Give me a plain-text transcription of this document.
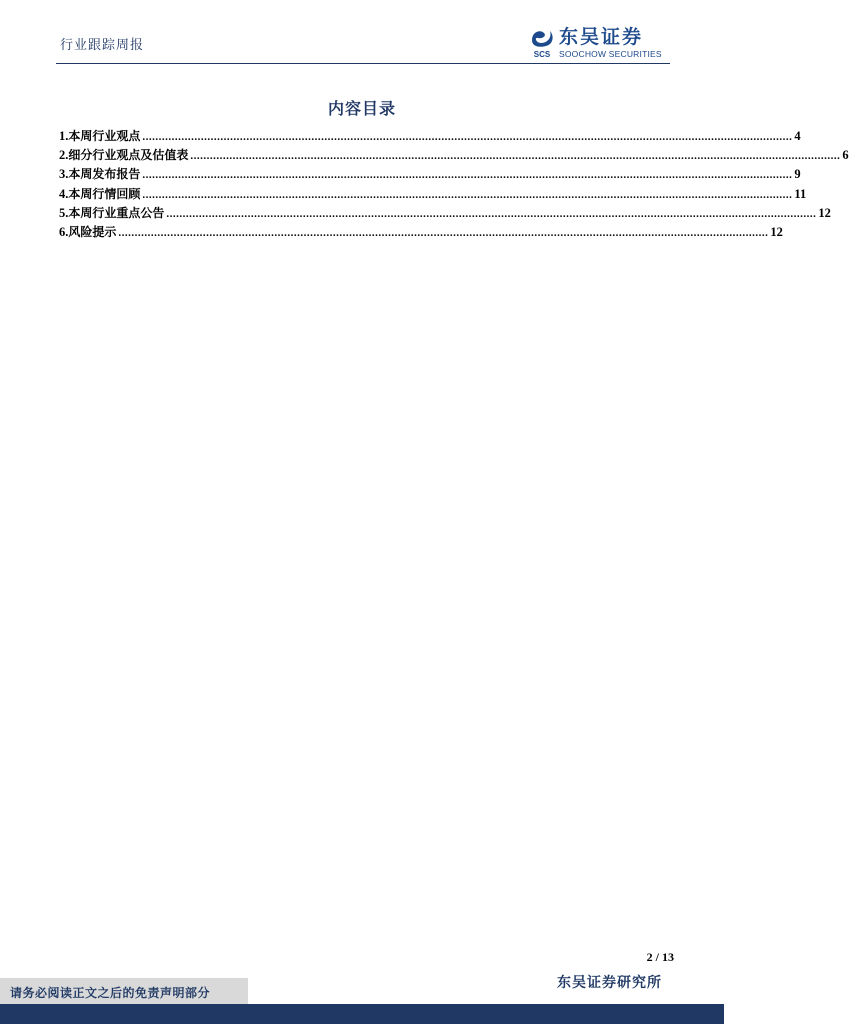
行业跟踪周报
SCS
东吴证券
SOOCHOW SECURITIES
内容目录
1. 本周行业观点 ........................................................................................................................................................................................................ 4
2. 细分行业观点及估值表 ........................................................................................................................................................................................................ 6
3. 本周发布报告 ........................................................................................................................................................................................................ 9
4. 本周行情回顾 ........................................................................................................................................................................................................ 11
5. 本周行业重点公告 ........................................................................................................................................................................................................ 12
6. 风险提示 ........................................................................................................................................................................................................ 12
2 / 13
东吴证券研究所
请务必阅读正文之后的免责声明部分
